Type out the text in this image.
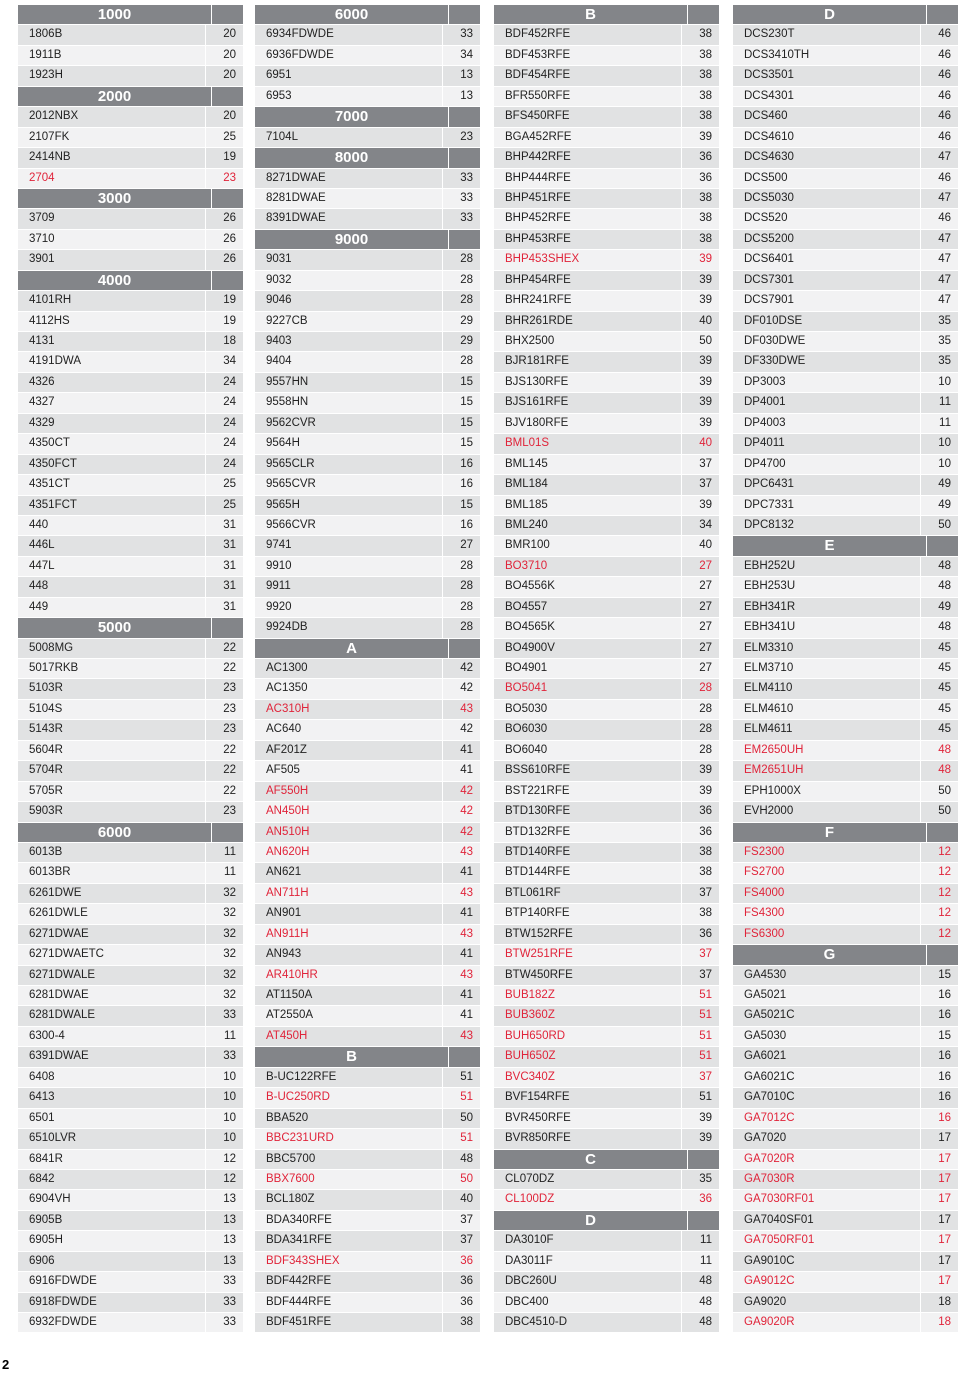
1000
1806B	20
1911B	20
1923H	20
2000
2012NBX	20
2107FK	25
2414NB	19
2704	23
3000
3709	26
3710	26
3901	26
4000
4101RH	19
4112HS	19
4131	18
4191DWA	34
4326	24
4327	24
4329	24
4350CT	24
4350FCT	24
4351CT	25
4351FCT	25
440	31
446L	31
447L	31
448	31
449	31
5000
5008MG	22
5017RKB	22
5103R	23
5104S	23
5143R	23
5604R	22
5704R	22
5705R	22
5903R	23
6000
6013B	11
6013BR	11
6261DWE	32
6261DWLE	32
6271DWAE	32
6271DWAETC	32
6271DWALE	32
6281DWAE	32
6281DWALE	33
6300-4	11
6391DWAE	33
6408	10
6413	10
6501	10
6510LVR	10
6841R	12
6842	12
6904VH	13
6905B	13
6905H	13
6906	13
6916FDWDE	33
6918FDWDE	33
6932FDWDE	33
6000
6934FDWDE	33
6936FDWDE	34
6951	13
6953	13
7000
7104L	23
8000
8271DWAE	33
8281DWAE	33
8391DWAE	33
9000
9031	28
9032	28
9046	28
9227CB	29
9403	29
9404	28
9557HN	15
9558HN	15
9562CVR	15
9564H	15
9565CLR	16
9565CVR	16
9565H	15
9566CVR	16
9741	27
9910	28
9911	28
9920	28
9924DB	28
A
AC1300	42
AC1350	42
AC310H	43
AC640	42
AF201Z	41
AF505	41
AF550H	42
AN450H	42
AN510H	42
AN620H	43
AN621	41
AN711H	43
AN901	41
AN911H	43
AN943	41
AR410HR	43
AT1150A	41
AT2550A	41
AT450H	43
B
B-UC122RFE	51
B-UC250RD	51
BBA520	50
BBC231URD	51
BBC5700	48
BBX7600	50
BCL180Z	40
BDA340RFE	37
BDA341RFE	37
BDF343SHEX	36
BDF442RFE	36
BDF444RFE	36
BDF451RFE	38
B
BDF452RFE	38
BDF453RFE	38
BDF454RFE	38
BFR550RFE	38
BFS450RFE	38
BGA452RFE	39
BHP442RFE	36
BHP444RFE	36
BHP451RFE	38
BHP452RFE	38
BHP453RFE	38
BHP453SHEX	39
BHP454RFE	39
BHR241RFE	39
BHR261RDE	40
BHX2500	50
BJR181RFE	39
BJS130RFE	39
BJS161RFE	39
BJV180RFE	39
BML01S	40
BML145	37
BML184	37
BML185	39
BML240	34
BMR100	40
BO3710	27
BO4556K	27
BO4557	27
BO4565K	27
BO4900V	27
BO4901	27
BO5041	28
BO5030	28
BO6030	28
BO6040	28
BSS610RFE	39
BST221RFE	39
BTD130RFE	36
BTD132RFE	36
BTD140RFE	38
BTD144RFE	38
BTL061RF	37
BTP140RFE	38
BTW152RFE	36
BTW251RFE	37
BTW450RFE	37
BUB182Z	51
BUB360Z	51
BUH650RD	51
BUH650Z	51
BVC340Z	37
BVF154RFE	51
BVR450RFE	39
BVR850RFE	39
C
CL070DZ	35
CL100DZ	36
D
DA3010F	11
DA3011F	11
DBC260U	48
DBC400	48
DBC4510-D	48
D
DCS230T	46
DCS3410TH	46
DCS3501	46
DCS4301	46
DCS460	46
DCS4610	46
DCS4630	47
DCS500	46
DCS5030	47
DCS520	46
DCS5200	47
DCS6401	47
DCS7301	47
DCS7901	47
DF010DSE	35
DF030DWE	35
DF330DWE	35
DP3003	10
DP4001	11
DP4003	11
DP4011	10
DP4700	10
DPC6431	49
DPC7331	49
DPC8132	50
E
EBH252U	48
EBH253U	48
EBH341R	49
EBH341U	48
ELM3310	45
ELM3710	45
ELM4110	45
ELM4610	45
ELM4611	45
EM2650UH	48
EM2651UH	48
EPH1000X	50
EVH2000	50
F
FS2300	12
FS2700	12
FS4000	12
FS4300	12
FS6300	12
G
GA4530	15
GA5021	16
GA5021C	16
GA5030	15
GA6021	16
GA6021C	16
GA7010C	16
GA7012C	16
GA7020	17
GA7020R	17
GA7030R	17
GA7030RF01	17
GA7040SF01	17
GA7050RF01	17
GA9010C	17
GA9012C	17
GA9020	18
GA9020R	18
2
